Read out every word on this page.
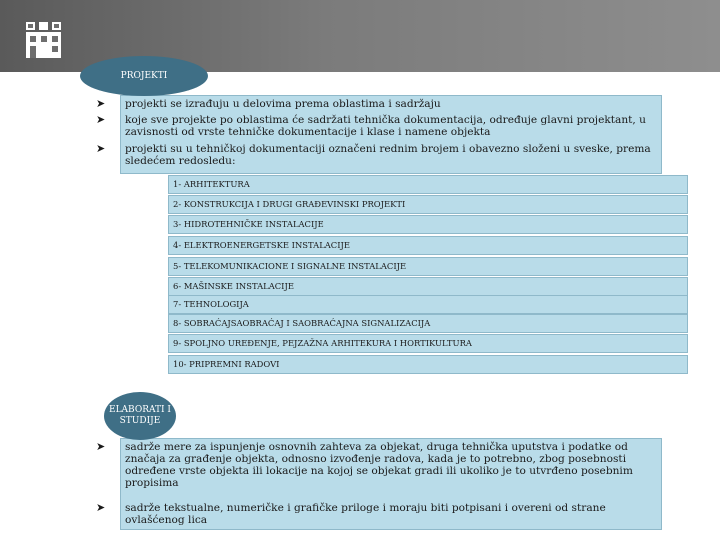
PROJEKTI
➤ projekti se izrađuju u delovima prema oblastima i sadržaju
➤ koje sve projekte po oblastima će sadržati tehnička dokumentacija, određuje glavni projektant, u zavisnosti od vrste tehničke dokumentacije i klase i namene objekta
➤ projekti su u tehničkoj dokumentaciji označeni rednim brojem i obavezno složeni u sveske, prema sledećem redosledu:
1- ARHITEKTURA
2- KONSTRUKCIJA I DRUGI GRAĐEVINSKI PROJEKTI
3- HIDROTEHNIČKE INSTALACIJE
4- ELEKTROENERGETSKE INSTALACIJE
5- TELEKOMUNIKACIONE I SIGNALNE INSTALACIJE
6- MAŠINSKE INSTALACIJE
7- TEHNOLOGIJA
8- SOBRAĆAJSAOBRAĆAJ I SAOBRAĆAJNA SIGNALIZACIJA
9- SPOLJNO UREĐENJE, PEJZAŽNA ARHITEKURA I HORTIKULTURA
10- PRIPREMNI RADOVI
ELABORATI I
STUDIJE
➤ sadrže mere za ispunjenje osnovnih zahteva za objekat, druga tehnička uputstva i podatke od značaja za građenje objekta, odnosno izvođenje radova, kada je to potrebno, zbog posebnosti određene vrste objekta ili lokacije na kojoj se objekat gradi ili ukoliko je to utvrđeno posebnim propisima
➤ sadrže tekstualne, numeričke i grafičke priloge i moraju biti potpisani i overeni od strane ovlašćenog lica
